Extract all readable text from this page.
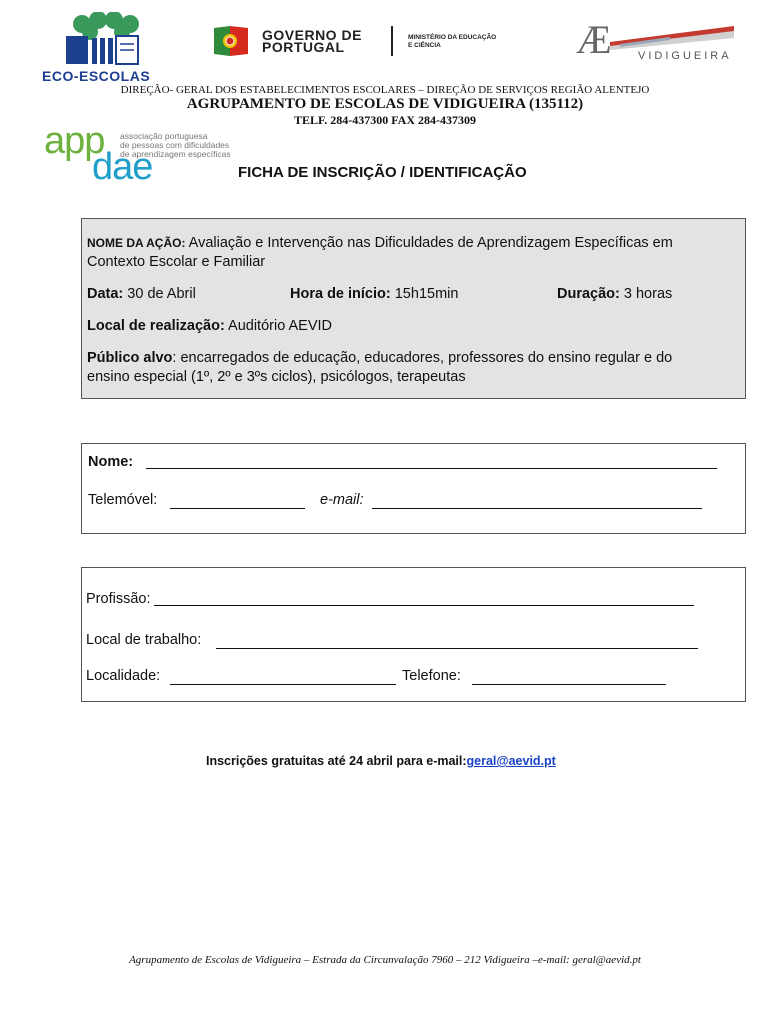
ECO-ESCOLAS
GOVERNO DE
PORTUGAL
MINISTÉRIO DA EDUCAÇÃO
E CIÊNCIA	Æ VIDIGUEIRA
DIREÇÃO- GERAL DOS ESTABELECIMENTOS ESCOLARES – DIREÇÃO DE SERVIÇOS REGIÃO ALENTEJO
AGRUPAMENTO DE ESCOLAS DE VIDIGUEIRA (135112)
TELF. 284-437300 FAX 284-437309
app
dae
associação portuguesa
de pessoas com dificuldades
de aprendizagem específicas
FICHA DE INSCRIÇÃO / IDENTIFICAÇÃO
NOME DA AÇÃO: Avaliação e Intervenção nas Dificuldades de Aprendizagem Específicas em
Contexto Escolar e Familiar
Data: 30 de Abril	Hora de início: 15h15min	Duração: 3 horas
Local de realização: Auditório AEVID
Público alvo: encarregados de educação, educadores, professores do ensino regular e do
ensino especial (1º, 2º e 3ºs ciclos), psicólogos, terapeutas
Nome:
Telemóvel:	e-mail:
Profissão:
Local de trabalho:
Localidade:	Telefone:
Inscrições gratuitas até 24 abril para e-mail:geral@aevid.pt
Agrupamento de Escolas de Vidigueira – Estrada da Circunvalação 7960 – 212 Vidigueira –e-mail: geral@aevid.pt
